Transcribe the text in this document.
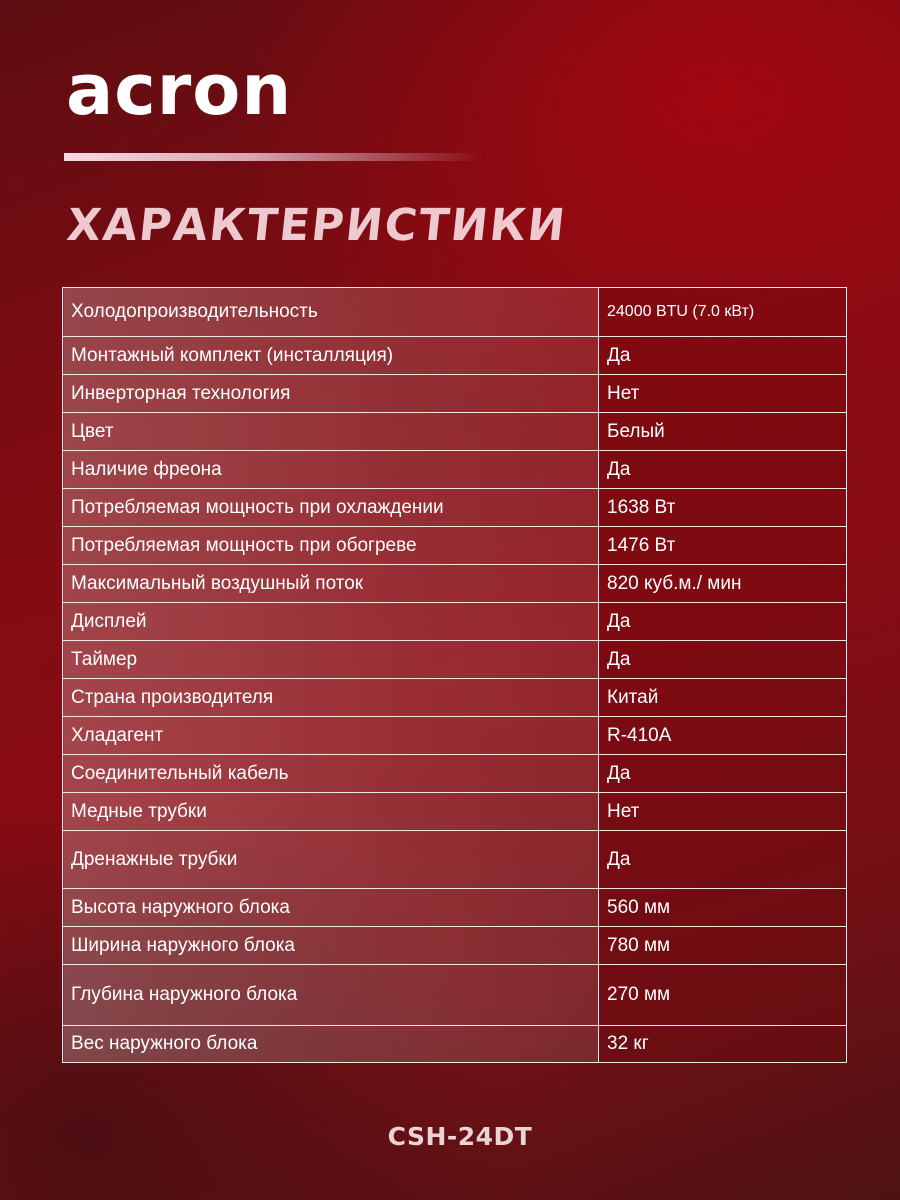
acron
ХАРАКТЕРИСТИКИ
Холодопроизводительность	24000 BTU (7.0 кВт)
Монтажный комплект (инсталляция)	Да
Инверторная технология	Нет
Цвет	Белый
Наличие фреона	Да
Потребляемая мощность при охлаждении	1638 Вт
Потребляемая мощность при обогреве	1476 Вт
Максимальный воздушный поток	820 куб.м./ мин
Дисплей	Да
Таймер	Да
Страна производителя	Китай
Хладагент	R-410A
Соединительный кабель	Да
Медные трубки	Нет
Дренажные трубки	Да
Высота наружного блока	560 мм
Ширина наружного блока	780 мм
Глубина наружного блока	270 мм
Вес наружного блока	32 кг
CSH-24DT
